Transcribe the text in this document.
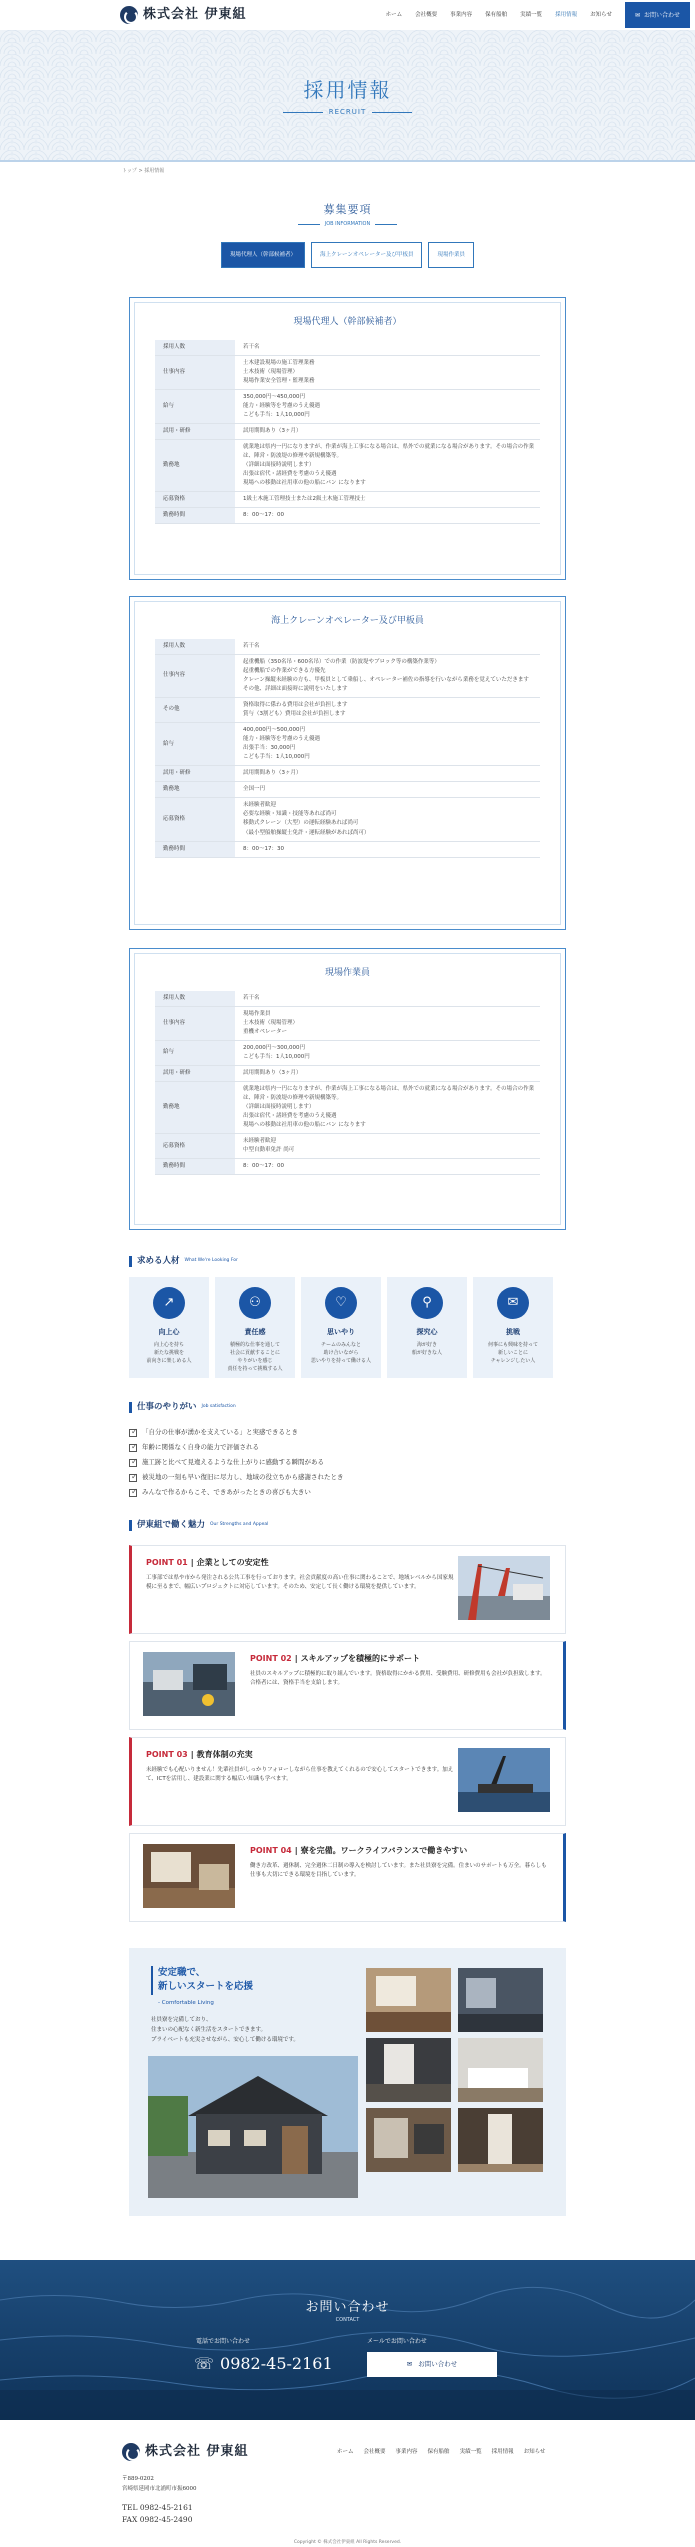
株式会社 伊東組	ホーム 会社概要 事業内容 保有船舶 実績一覧 採用情報 お知らせ	✉ お問い合わせ
採用情報
RECRUIT
トップ > 採用情報
募集要項
JOB INFORMATION
現場代理人（幹部候補者）	海上クレーンオペレーター及び甲板員	現場作業員
現場代理人（幹部候補者）
採用人数	若干名

仕事内容	土木建設現場の施工管理業務
土木技術（現場管理）
現場作業安全管理・監理業務

給与	350,000円〜450,000円
能力・経験等を考慮のうえ優遇
こども手当：1人10,000円

試用・研修	試用期間あり（3ヶ月）

勤務地	就業地は県内一円になりますが、作業が海上工事になる場合は、県外での就業になる場合があります。その場合の作業は、陣営・防波堤の修理や新規構築等。
（詳細は面接時説明します）
出張は宿代・諸経費を考慮のうえ優遇
現場への移動は社用車の他の船にバン になります

応募資格	1級土木施工管理技士または2級土木施工管理技士

勤務時間	8：00〜17：00
海上クレーンオペレーター及び甲板員
採用人数	若干名

仕事内容	起重機船（350名吊・600名吊）での作業（防波堤やブロック等の構築作業等）
起重機船での作業ができる方優先
クレーン操縦未経験の方も、甲板員として乗船し、オペレーター補佐の指導を行いながら業務を覚えていただきます
その他、詳細は面接時に説明をいたします

その他	資格取得に係わる費用は会社が負担します
賞与（3割ども）費用は会社が負担します

給与	400,000円〜500,000円
能力・経験等を考慮のうえ優遇
出張手当：30,000円
こども手当：1人10,000円

試用・研修	試用期間あり（3ヶ月）

勤務地	全国一円

応募資格	未経験者歓迎
必要な経験・知識・技能等あれば尚可
移動式クレーン（大型）の運転経験あれば尚可
（最小型船舶操縦士免許・運転経験があれば尚可）

勤務時間	8：00〜17：30
現場作業員
採用人数	若干名

仕事内容	現場作業員
土木技術（現場管理）
重機オペレーター

給与	200,000円〜300,000円
こども手当：1人10,000円

試用・研修	試用期間あり（3ヶ月）

勤務地	就業地は県内一円になりますが、作業が海上工事になる場合は、県外での就業になる場合があります。その場合の作業は、陣営・防波堤の修理や新規構築等。
（詳細は面接時説明します）
出張は宿代・諸経費を考慮のうえ優遇
現場への移動は社用車の他の船にバン になります

応募資格	未経験者歓迎
中型自動車免許 尚可

勤務時間	8：00〜17：00
求める人材 What We're Looking For
↗
向上心
向上心を持ち
新たな挑戦を
前向きに楽しめる人
⚇
責任感
積極的な仕事を通して
社会に貢献することに
やりがいを感じ
責任を持って挑戦する人
♡
思いやり
チームのみんなと
助け合いながら
思いやりを持って働ける人
⚲
探究心
海が好き
船が好きな人
✉
挑戦
何事にも興味を持って
新しいことに
チャレンジしたい人
仕事のやりがい Job satisfaction
✓
「自分の仕事が湧かを支えている」と実感できるとき
✓
年齢に関係なく自身の能力で評価される
✓
施工跡と比べて見違えるような仕上がりに感動する瞬間がある
✓
被災地の一刻も早い復旧に尽力し、地域の役立ちから感謝されたとき
✓
みんなで作るからこそ、できあがったときの喜びも大きい
伊東組で働く魅力 Our Strengths and Appeal
POINT 01 | 企業としての安定性
工事部では県や市から発注される公共工事を行っております。社会貢献度の高い仕事に関わることで、地域レベルから国家規模に至るまで、幅広いプロジェクトに対応しています。そのため、安定して長く働ける環境を提供しています。
POINT 02 | スキルアップを積極的にサポート
社員のスキルアップに積極的に取り組んでいます。資格取得にかかる費用、受験費用、研修費用も会社が負担致します。合格者には、資格手当を支給します。
POINT 03 | 教育体制の充実
未経験でも心配いりません！先輩社員がしっかりフォローしながら仕事を教えてくれるので安心してスタートできます。加えて、ICTを活用し、建設業に関する幅広い知識も学べます。
POINT 04 | 寮を完備。ワークライフバランスで働きやすい
働き方改革、週休制、完全週休二日制の導入を検討しています。また社員寮を完備。住まいのサポートも万全。暮らしも仕事も大切にできる環境を目指しています。
安定職で、
新しいスタートを応援
- Comfortable Living
社員寮を完備しており、
住まいの心配なく新生活をスタートできます。
プライベートも充実させながら、安心して働ける環境です。
お問い合わせ
CONTACT
電話でお問い合わせ
☏ 0982-45-2161
メールでお問い合わせ
✉ お問い合わせ
株式会社 伊東組	ホーム 会社概要 事業内容 保有船舶 実績一覧 採用情報 お知らせ
〒889-0202
宮崎県延岡市北浦町市振6000
TEL 0982-45-2161
FAX 0982-45-2490
Copyright © 株式会社伊東組 All Rights Reserved.
